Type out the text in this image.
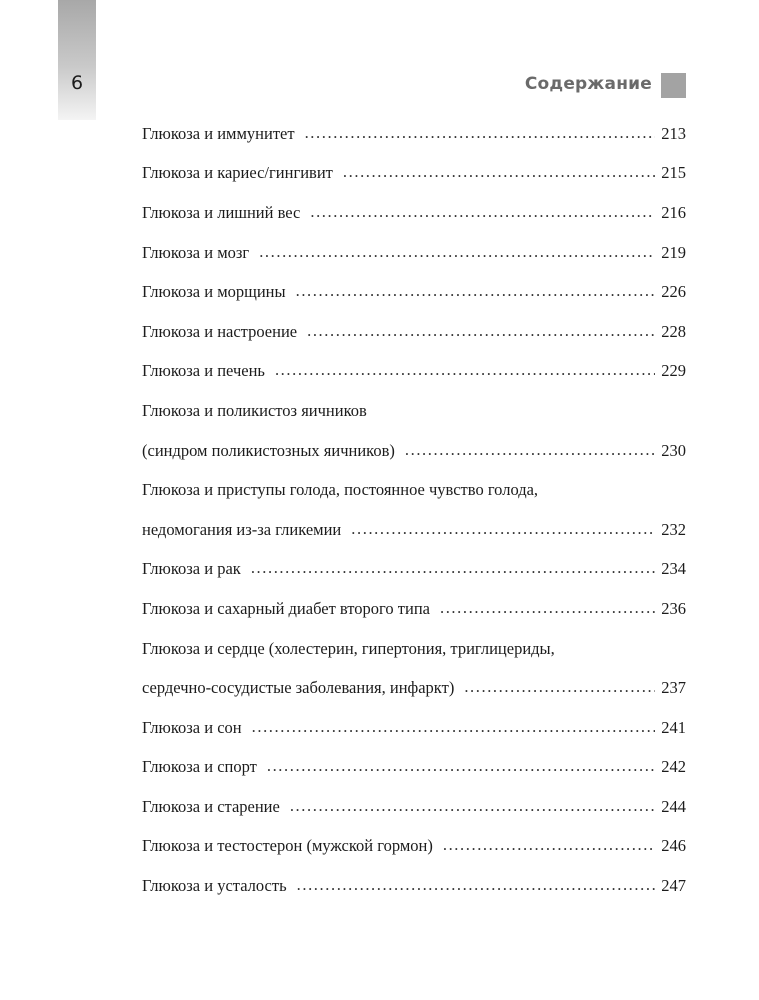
6	Содержание
Глюкоза и иммунитет .....	213
Глюкоза и кариес/гингивит .....	215
Глюкоза и лишний вес .....	216
Глюкоза и мозг .....	219
Глюкоза и морщины .....	226
Глюкоза и настроение .....	228
Глюкоза и печень .....	229
Глюкоза и поликистоз яичников
(синдром поликистозных яичников) .....	230
Глюкоза и приступы голода, постоянное чувство голода,
недомогания из-за гликемии .....	232
Глюкоза и рак .....	234
Глюкоза и сахарный диабет второго типа .....	236
Глюкоза и сердце (холестерин, гипертония, триглицериды,
сердечно-сосудистые заболевания, инфаркт) .....	237
Глюкоза и сон .....	241
Глюкоза и спорт .....	242
Глюкоза и старение .....	244
Глюкоза и тестостерон (мужской гормон) .....	246
Глюкоза и усталость .....	247
